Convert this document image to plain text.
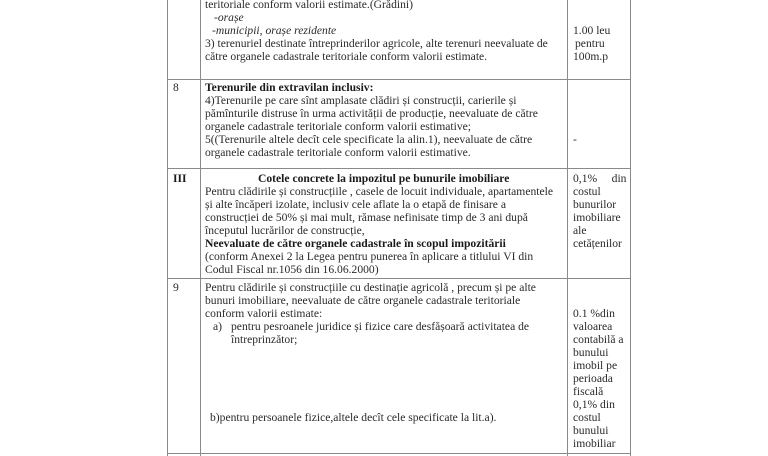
teritoriale conform valorii estimate.(Grădini)
-orașe
-municipii, orașe rezidente
3) terenuriel destinate întreprinderilor agricole, alte terenuri neevaluate de
către organele cadastrale teritoriale conform valorii estimate.
1.00 leu
pentru
100m.p
8 Terenurile din extravilan inclusiv:
4)Terenurile pe care sînt amplasate clădiri și construcții, carierile și
pămînturile distruse în urma activității de producție, neevaluate de către
organele cadastrale teritoriale conform valorii estimative;
5((Terenurile altele decît cele specificate la alin.1), neevaluate de către
organele cadastrale teritoriale conform valorii estimative.
-
III	Cotele concrete la impozitul pe bunurile imobiliare
Pentru clădirile și construcțiile , casele de locuit individuale, apartamentele
și alte încăperi izolate, inclusiv cele aflate la o etapă de finisare a
construcției de 50% și mai mult, rămase nefinisate timp de 3 ani după
începutul lucrărilor de construcție,
Neevaluate de către organele cadastrale în scopul impozitării
(conform Anexei 2 la Legea pentru punerea în aplicare a titlului VI din
Codul Fiscal nr.1056 din 16.06.2000)
0,1%     din
costul
bunurilor
imobiliare
ale
cetățenilor
9 Pentru clădirile și construcțiile cu destinație agricolă , precum și pe alte
bunuri imobiliare, neevaluate de către organele cadastrale teritoriale
conform valorii estimate:
a) pentru pesroanele juridice și fizice care desfășoară activitatea de
întreprinzător;
b)pentru persoanele fizice,altele decît cele specificate la lit.a).
0.1 %din
valoarea
contabilă a
bunului
imobil pe
perioada
fiscală
0,1% din
costul
bunului
imobiliar
